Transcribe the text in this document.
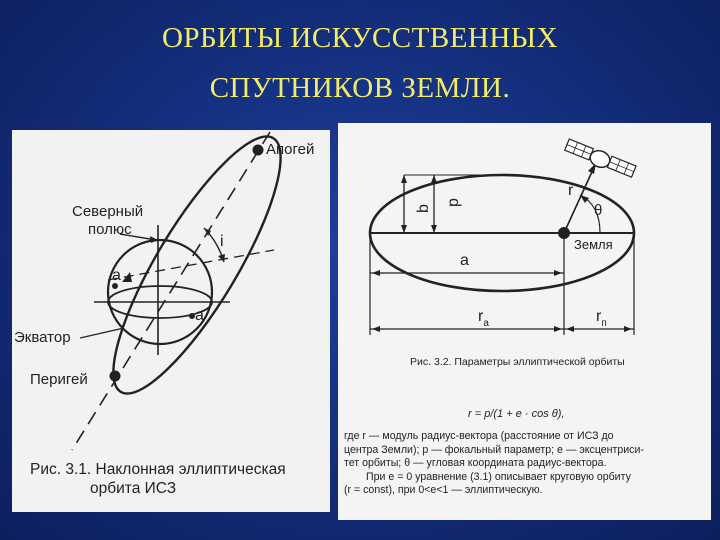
ОРБИТЫ ИСКУССТВЕННЫХ
СПУТНИКОВ ЗЕМЛИ.
Апогей
Северный
полюс
Экватор
Перигей
a
a
i
Рис. 3.1. Наклонная эллиптическая
орбита ИСЗ
b
p
r
θ
Земля
a
$r_a$	$r_п$
Рис. 3.2. Параметры эллиптической орбиты
r = p/(1 + e · cos θ),

где r — модуль радиус-вектора (расстояние от ИСЗ до

центра Земли); p — фокальный параметр; e — эксцентриси-

тет орбиты; θ — угловая координата радиус-вектора.

При e = 0 уравнение (3.1) описывает круговую орбиту

(r = const), при 0<e<1 — эллиптическую.
